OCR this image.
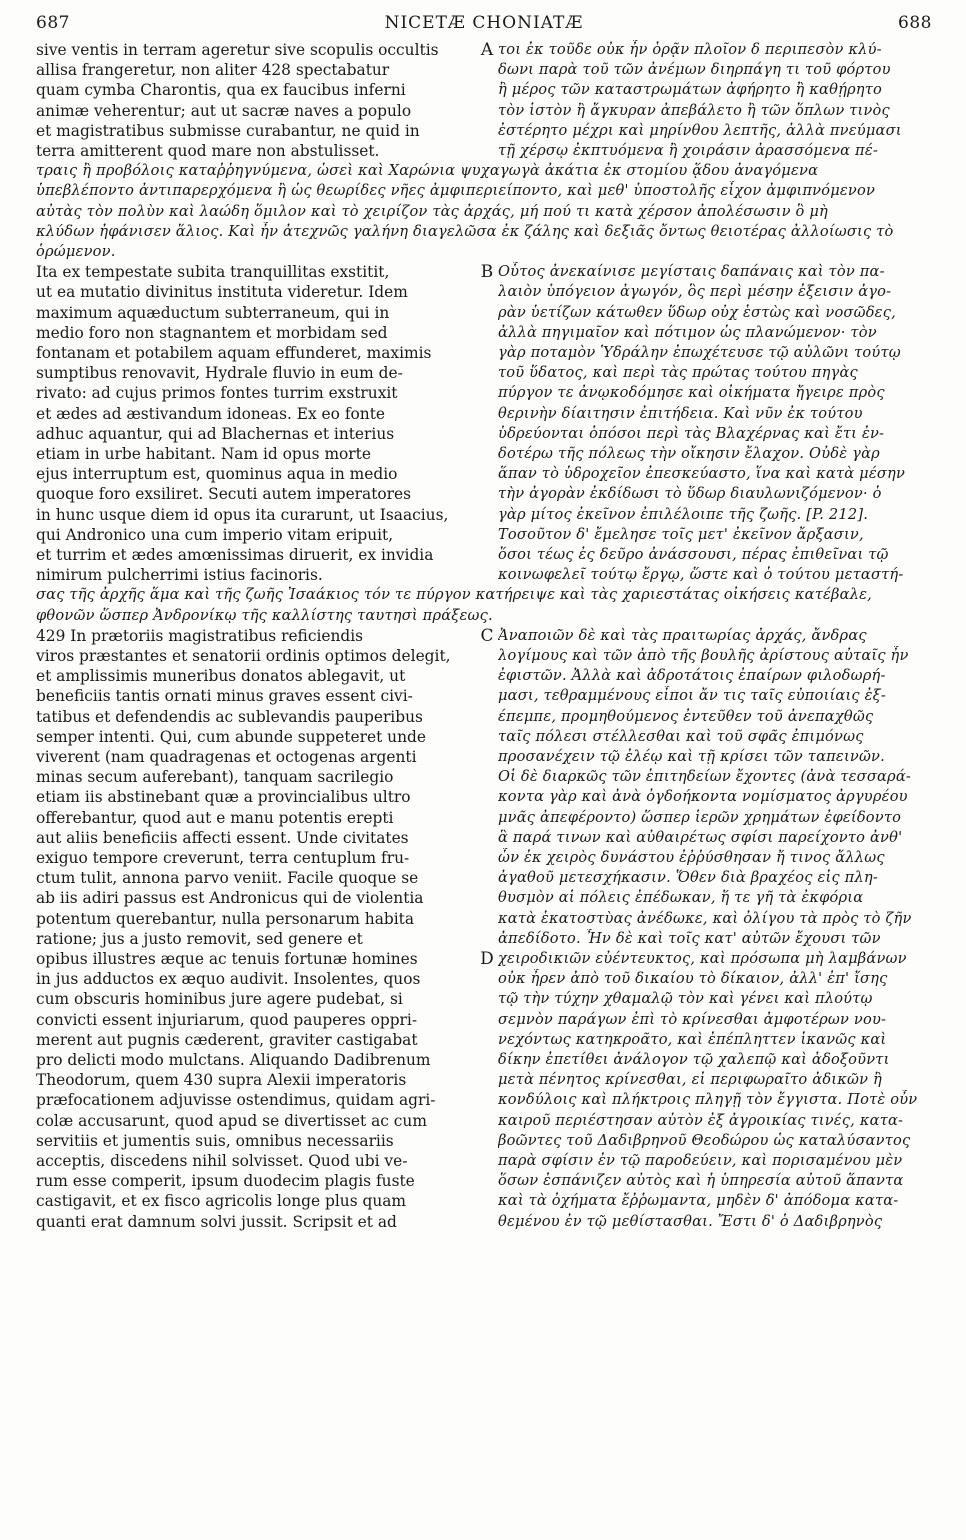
687	NICETÆ CHONIATÆ	688
sive ventis in terram ageretur sive scopulis occultis	τοι ἐκ τοῦδε οὐκ ἦν ὁρᾷν πλοῖον δ περιπεσὸν κλύ-
allisa frangeretur, non aliter 428 spectabatur	δωνι παρὰ τοῦ τῶν ἀνέμων διηρπάγη τι τοῦ φόρτου
quam cymba Charontis, qua ex faucibus inferni	ἢ μέρος τῶν καταστρωμάτων ἀφήρητο ἢ καθῄρητο
animæ veherentur; aut ut sacræ naves a populo	τὸν ἱστὸν ἢ ἄγκυραν ἀπεβάλετο ἢ τῶν ὅπλων τινὸς
et magistratibus submisse curabantur, ne quid in	ἐστέρητο μέχρι καὶ μηρίνθου λεπτῆς, ἀλλὰ πνεύμασι
terra amitterent quod mare non abstulisset.	τῇ χέρσῳ ἐκπτυόμενα ἢ χοιράσιν ἀρασσόμενα πέ-
A
τραις ἢ προβόλοις καταῤῥηγνύμενα, ὡσεὶ καὶ Χαρώνια ψυχαγωγὰ ἀκάτια ἐκ στομίου ᾅδου ἀναγόμενα
ὑπεβλέποντο ἀντιπαρερχόμενα ἢ ὡς θεωρίδες νῆες ἀμφιπεριείποντο, καὶ μεθ' ὑποστολῆς εἶχον ἀμφιπνόμενον
αὐτὰς τὸν πολὺν καὶ λαώδη ὅμιλον καὶ τὸ χειρίζον τὰς ἀρχάς, μή πού τι κατὰ χέρσον ἀπολέσωσιν ὃ μὴ
κλύδων ἠφάνισεν ἅλιος. Καὶ ἦν ἀτεχνῶς γαλήνη διαγελῶσα ἐκ ζάλης καὶ δεξιᾶς ὄντως θειοτέρας ἀλλοίωσις τὸ
ὁρώμενον.
Ita ex tempestate subita tranquillitas exstitit,	Οὗτος ἀνεκαίνισε μεγίσταις δαπάναις καὶ τὸν πα-
ut ea mutatio divinitus instituta videretur. Idem	λαιὸν ὑπόγειον ἀγωγόν, ὃς περὶ μέσην ἐξεισιν ἀγο-
maximum aquæductum subterraneum, qui in	ρὰν ὑετίζων κάτωθεν ὕδωρ οὐχ ἑστὼς καὶ νοσῶδες,
medio foro non stagnantem et morbidam sed	ἀλλὰ πηγιμαῖον καὶ πότιμον ὡς πλανώμενον· τὸν
fontanam et potabilem aquam effunderet, maximis	γὰρ ποταμὸν Ὑδράλην ἐπωχέτευσε τῷ αὐλῶνι τούτῳ
sumptibus renovavit, Hydrale fluvio in eum de-	τοῦ ὕδατος, καὶ περὶ τὰς πρώτας τούτου πηγὰς
rivato: ad cujus primos fontes turrim exstruxit	πύργον τε ἀνῳκοδόμησε καὶ οἰκήματα ἤγειρε πρὸς
et ædes ad æstivandum idoneas. Ex eo fonte	θερινὴν δίαιτησιν ἐπιτήδεια. Καὶ νῦν ἐκ τούτου
adhuc aquantur, qui ad Blachernas et interius	ὑδρεύονται ὁπόσοι περὶ τὰς Βλαχέρνας καὶ ἔτι ἐν-
etiam in urbe habitant. Nam id opus morte	δοτέρω τῆς πόλεως τὴν οἴκησιν ἔλαχον. Οὐδὲ γὰρ
ejus interruptum est, quominus aqua in medio	ἅπαν τὸ ὑδροχεῖον ἐπεσκεύαστο, ἵνα καὶ κατὰ μέσην
quoque foro exsiliret. Secuti autem imperatores	τὴν ἀγορὰν ἐκδίδωσι τὸ ὕδωρ διαυλωνιζόμενον· ὁ
in hunc usque diem id opus ita curarunt, ut Isaacius,	γὰρ μίτος ἐκεῖνον ἐπιλέλοιπε τῆς ζωῆς. [P. 212].
qui Andronico una cum imperio vitam eripuit,	Τοσοῦτον δ' ἔμελησε τοῖς μετ' ἐκεῖνον ἄρξασιν,
et turrim et ædes amœnissimas diruerit, ex invidia	ὅσοι τέως ἐς δεῦρο ἀνάσσουσι, πέρας ἐπιθεῖναι τῷ
nimirum pulcherrimi istius facinoris.	κοινωφελεῖ τούτῳ ἔργῳ, ὥστε καὶ ὁ τούτου μεταστή-
B
σας τῆς ἀρχῆς ἅμα καὶ τῆς ζωῆς Ἰσαάκιος τόν τε πύργον κατήρειψε καὶ τὰς χαριεστάτας οἰκήσεις κατέβαλε,
φθονῶν ὥσπερ Ἀνδρονίκῳ τῆς καλλίστης ταυτησὶ πράξεως.
429 In prætoriis magistratibus reficiendis	Ἀναποιῶν δὲ καὶ τὰς πραιτωρίας ἀρχάς, ἄνδρας
viros præstantes et senatorii ordinis optimos delegit,	λογίμους καὶ τῶν ἀπὸ τῆς βουλῆς ἀρίστους αὐταῖς ἦν
et amplissimis muneribus donatos ablegavit, ut	ἐφιστῶν. Ἀλλὰ καὶ ἀδροτάτοις ἐπαίρων φιλοδωρή-
beneficiis tantis ornati minus graves essent civi-	μασι, τεθραμμένους εἶποι ἄν τις ταῖς εὐποιίαις ἐξ-
tatibus et defendendis ac sublevandis pauperibus	έπεμπε, προμηθούμενος ἐντεῦθεν τοῦ ἀνεπαχθῶς
semper intenti. Qui, cum abunde suppeteret unde	ταῖς πόλεσι στέλλεσθαι καὶ τοῦ σφᾶς ἐπιμόνως
viverent (nam quadragenas et octogenas argenti	προσανέχειν τῷ ἐλέῳ καὶ τῇ κρίσει τῶν ταπεινῶν.
minas secum auferebant), tanquam sacrilegio	Οἱ δὲ διαρκῶς τῶν ἐπιτηδείων ἔχοντες (ἀνὰ τεσσαρά-
etiam iis abstinebant quæ a provincialibus ultro	κοντα γὰρ καὶ ἀνὰ ὀγδοήκοντα νομίσματος ἀργυρέου
offerebantur, quod aut e manu potentis erepti	μνᾶς ἀπεφέροντο) ὥσπερ ἱερῶν χρημάτων ἐφείδοντο
aut aliis beneficiis affecti essent. Unde civitates	ἃ παρά τινων καὶ αὐθαιρέτως σφίσι παρείχοντο ἀνθ'
exiguo tempore creverunt, terra centuplum fru-	ὧν ἐκ χειρὸς δυνάστου ἐῤῥύσθησαν ἤ τινος ἄλλως
ctum tulit, annona parvo veniit. Facile quoque se	ἀγαθοῦ μετεσχήκασιν. Ὅθεν διὰ βραχέος εἰς πλη-
ab iis adiri passus est Andronicus qui de violentia	θυσμὸν αἱ πόλεις ἐπέδωκαν, ἥ τε γῆ τὰ ἐκφόρια
potentum querebantur, nulla personarum habita	κατὰ ἑκατοστὺας ἀνέδωκε, καὶ ὀλίγου τὰ πρὸς τὸ ζῆν
ratione; jus a justo removit, sed genere et	ἀπεδίδοτο. Ἦν δὲ καὶ τοῖς κατ' αὐτῶν ἔχουσι τῶν
C
opibus illustres æque ac tenuis fortunæ homines	χειροδικιῶν εὐέντευκτος, καὶ πρόσωπα μὴ λαμβάνων
in jus adductos ex æquo audivit. Insolentes, quos	οὐκ ἦρεν ἀπὸ τοῦ δικαίου τὸ δίκαιον, ἀλλ' ἐπ' ἴσης
cum obscuris hominibus jure agere pudebat, si	τῷ τὴν τύχην χθαμαλῷ τὸν καὶ γένει καὶ πλούτῳ
convicti essent injuriarum, quod pauperes oppri-	σεμνὸν παράγων ἐπὶ τὸ κρίνεσθαι ἀμφοτέρων νου-
merent aut pugnis cæderent, graviter castigabat	νεχόντως κατηκροᾶτο, καὶ ἐπέπληττεν ἱκανῶς καὶ
pro delicti modo mulctans. Aliquando Dadibrenum	δίκην ἐπετίθει ἀνάλογον τῷ χαλεπῷ καὶ ἀδοξοῦντι
Theodorum, quem 430 supra Alexii imperatoris	μετὰ πένητος κρίνεσθαι, εἰ περιφωραῖτο ἀδικῶν ἢ
præfocationem adjuvisse ostendimus, quidam agri-	κονδύλοις καὶ πλήκτροις πληγῇ τὸν ἔγγιστα. Ποτὲ οὖν
colæ accusarunt, quod apud se divertisset ac cum	καιροῦ περιέστησαν αὐτὸν ἐξ ἀγροικίας τινές, κατα-
servitiis et jumentis suis, omnibus necessariis	βοῶντες τοῦ Δαδιβρηνοῦ Θεοδώρου ὡς καταλύσαντος
acceptis, discedens nihil solvisset. Quod ubi ve-	παρὰ σφίσιν ἐν τῷ παροδεύειν, καὶ πορισαμένου μὲν
rum esse comperit, ipsum duodecim plagis fuste	ὅσων ἐσπάνιζεν αὐτὸς καὶ ἡ ὑπηρεσία αὐτοῦ ἅπαντα
castigavit, et ex fisco agricolis longe plus quam	καὶ τὰ ὀχήματα ἔῤῥωμαντα, μηδὲν δ' ἀπόδομα κατα-
quanti erat damnum solvi jussit. Scripsit et ad	θεμένου ἐν τῷ μεθίστασθαι. Ἔστι δ' ὁ Δαδιβρηνὸς
D
